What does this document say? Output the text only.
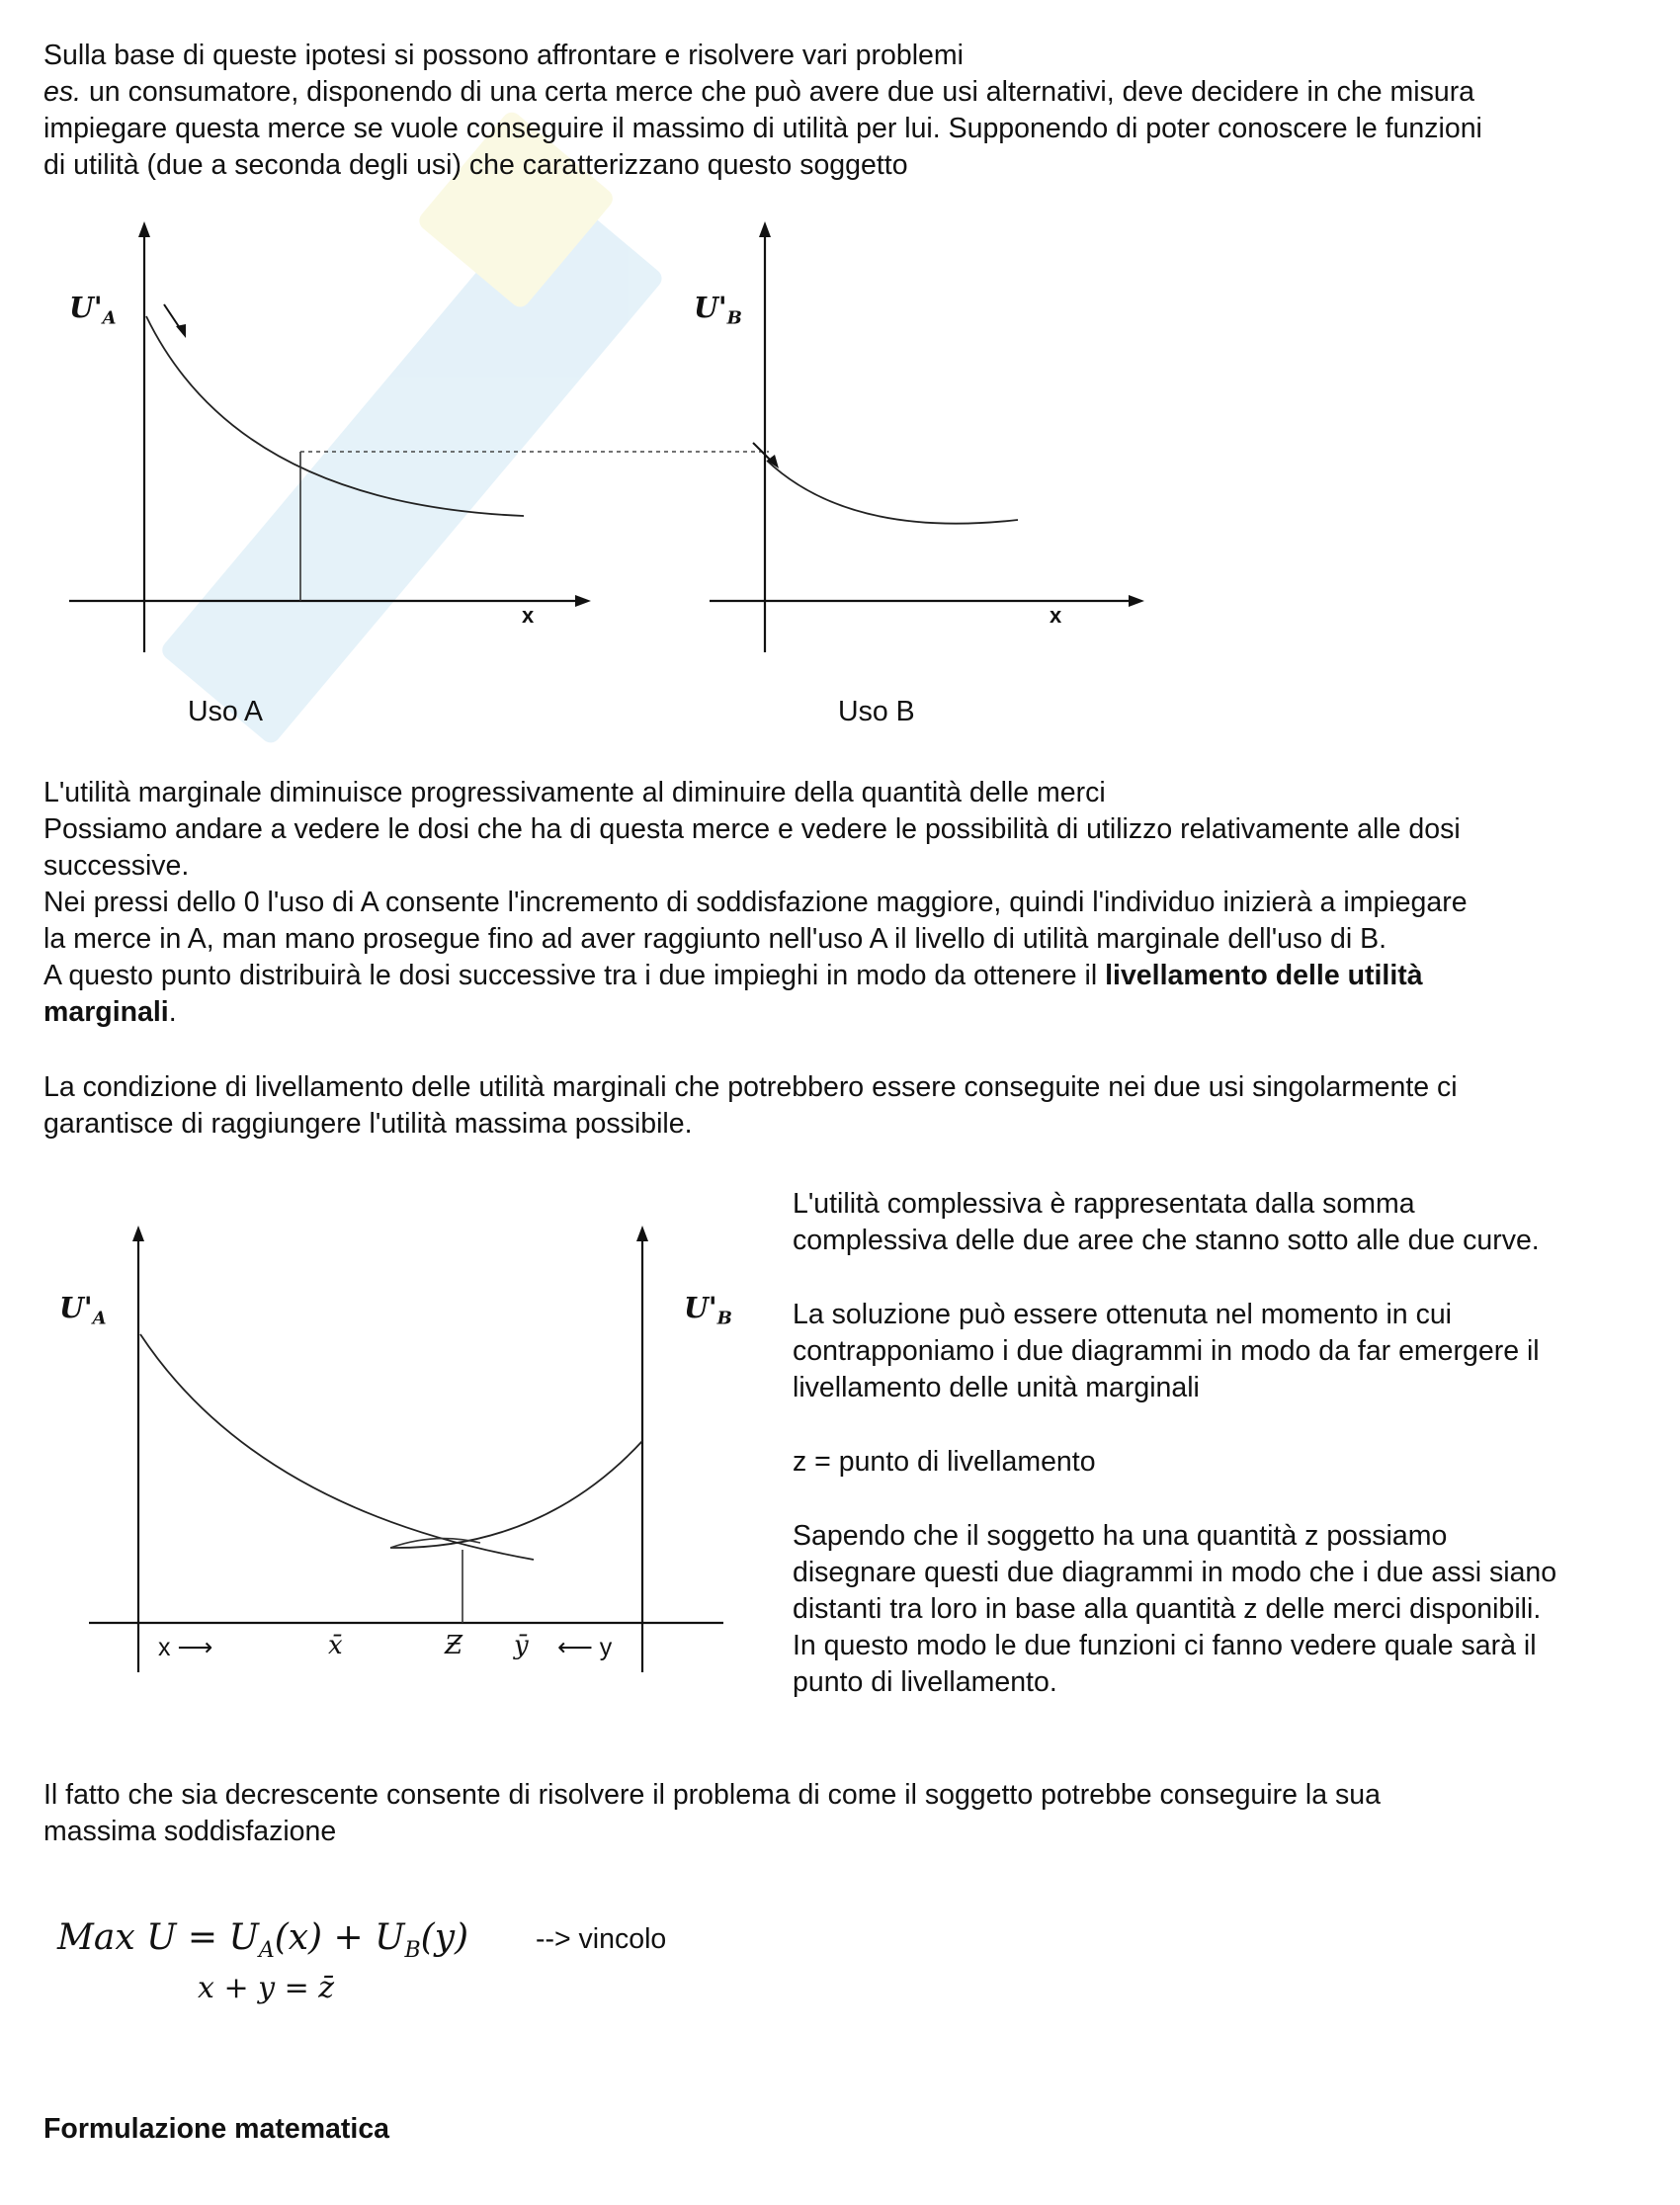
Sulla base di queste ipotesi si possono affrontare e risolvere vari problemi
es. un consumatore, disponendo di una certa merce che può avere due usi alternativi, deve decidere in che misura
impiegare questa merce se vuole conseguire il massimo di utilità per lui. Supponendo di poter conoscere le funzioni
di utilità (due a seconda degli usi) che caratterizzano questo soggetto

$U'_A$
x
Uso A
$U'_B$
x
Uso B

L'utilità marginale diminuisce progressivamente al diminuire della quantità delle merci
Possiamo andare a vedere le dosi che ha di questa merce e vedere le possibilità di utilizzo relativamente alle dosi
successive.
Nei pressi dello 0 l'uso di A consente l'incremento di soddisfazione maggiore, quindi l'individuo inizierà a impiegare
la merce in A, man mano prosegue fino ad aver raggiunto nell'uso A il livello di utilità marginale dell'uso di B.
A questo punto distribuirà le dosi successive tra i due impieghi in modo da ottenere il livellamento delle utilità
marginali.

La condizione di livellamento delle utilità marginali che potrebbero essere conseguite nei due usi singolarmente ci
garantisce di raggiungere l'utilità massima possibile.

$U'_A$	$U'_B$
x ⟶	x̄	Ƶ ȳ ⟵ y
L'utilità complessiva è rappresentata dalla somma
complessiva delle due aree che stanno sotto alle due curve.
La soluzione può essere ottenuta nel momento in cui
contrapponiamo i due diagrammi in modo da far emergere il
livellamento delle unità marginali
z = punto di livellamento
Sapendo che il soggetto ha una quantità z possiamo
disegnare questi due diagrammi in modo che i due assi siano
distanti tra loro in base alla quantità z delle merci disponibili.
In questo modo le due funzioni ci fanno vedere quale sarà il
punto di livellamento.

Il fatto che sia decrescente consente di risolvere il problema di come il soggetto potrebbe conseguire la sua
massima soddisfazione

Max $U = U_A(x) + U_B(y)$
x + y = z̄
--> vincolo
Formulazione matematica
